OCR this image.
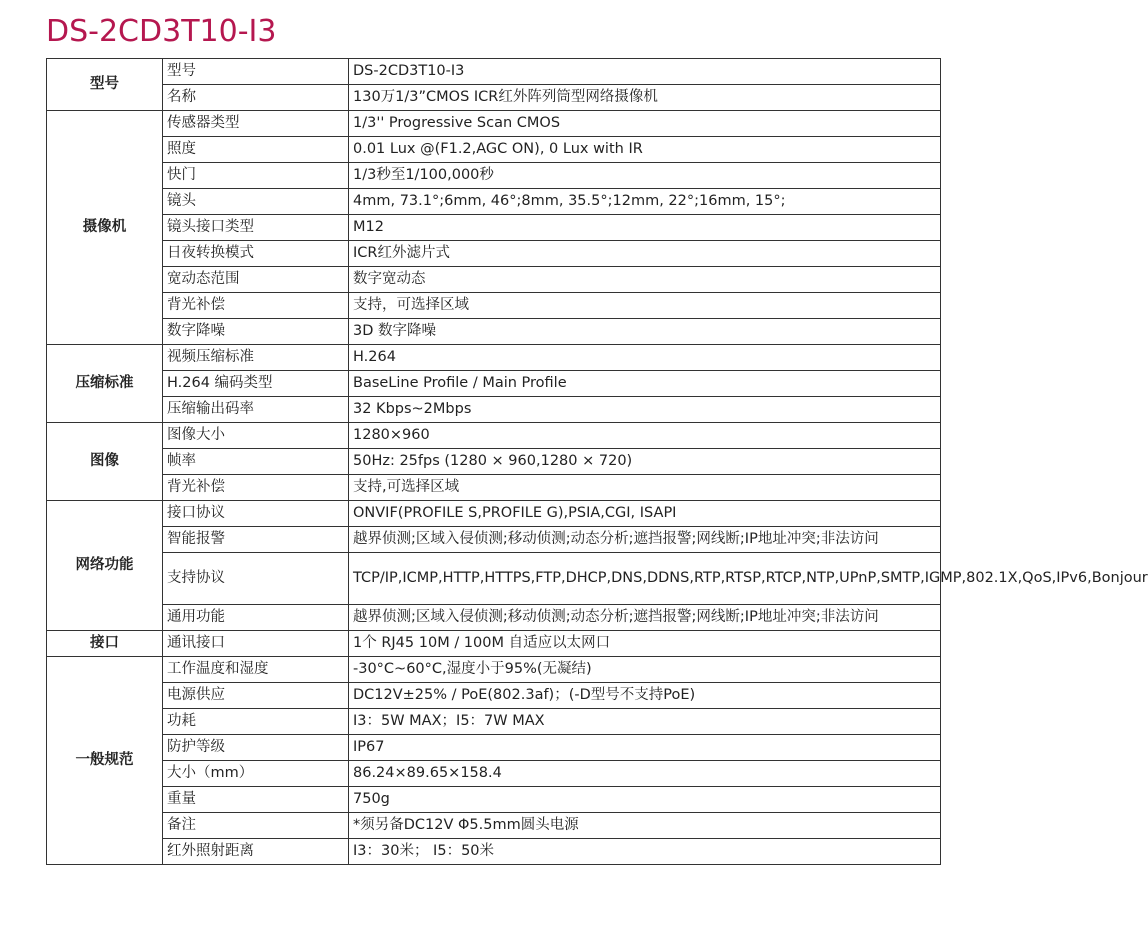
DS-2CD3T10-I3
型号	型号	DS-2CD3T10-I3
	名称	130万1/3”CMOS ICR红外阵列筒型网络摄像机
摄像机	传感器类型	1/3'' Progressive Scan CMOS
	照度	0.01 Lux @(F1.2,AGC ON), 0 Lux with IR
	快门	1/3秒至1/100,000秒
	镜头	4mm, 73.1°;6mm, 46°;8mm, 35.5°;12mm, 22°;16mm, 15°;
	镜头接口类型	M12
	日夜转换模式	ICR红外滤片式
	宽动态范围	数字宽动态
	背光补偿	支持，可选择区域
	数字降噪	3D 数字降噪
压缩标准	视频压缩标准	H.264
	H.264 编码类型	BaseLine Profile / Main Profile
	压缩输出码率	32 Kbps~2Mbps
图像	图像大小	1280×960
	帧率	50Hz: 25fps (1280 × 960,1280 × 720)
	背光补偿	支持,可选择区域
网络功能	接口协议	ONVIF(PROFILE S,PROFILE G),PSIA,CGI, ISAPI
	智能报警	越界侦测;区域入侵侦测;移动侦测;动态分析;遮挡报警;网线断;IP地址冲突;非法访问
	支持协议	TCP/IP,ICMP,HTTP,HTTPS,FTP,DHCP,DNS,DDNS,RTP,RTSP,RTCP,NTP,UPnP,SMTP,IGMP,802.1X,QoS,IPv6,Bonjour
	通用功能	越界侦测;区域入侵侦测;移动侦测;动态分析;遮挡报警;网线断;IP地址冲突;非法访问
接口	通讯接口	1个 RJ45 10M / 100M 自适应以太网口
一般规范	工作温度和湿度	-30°C~60°C,湿度小于95%(无凝结)
	电源供应	DC12V±25% / PoE(802.3af)；(-D型号不支持PoE)
	功耗	I3：5W MAX；I5：7W MAX
	防护等级	IP67
	大小（mm）	86.24×89.65×158.4
	重量	750g
	备注	*须另备DC12V Φ5.5mm圆头电源
	红外照射距离	I3：30米； I5：50米
